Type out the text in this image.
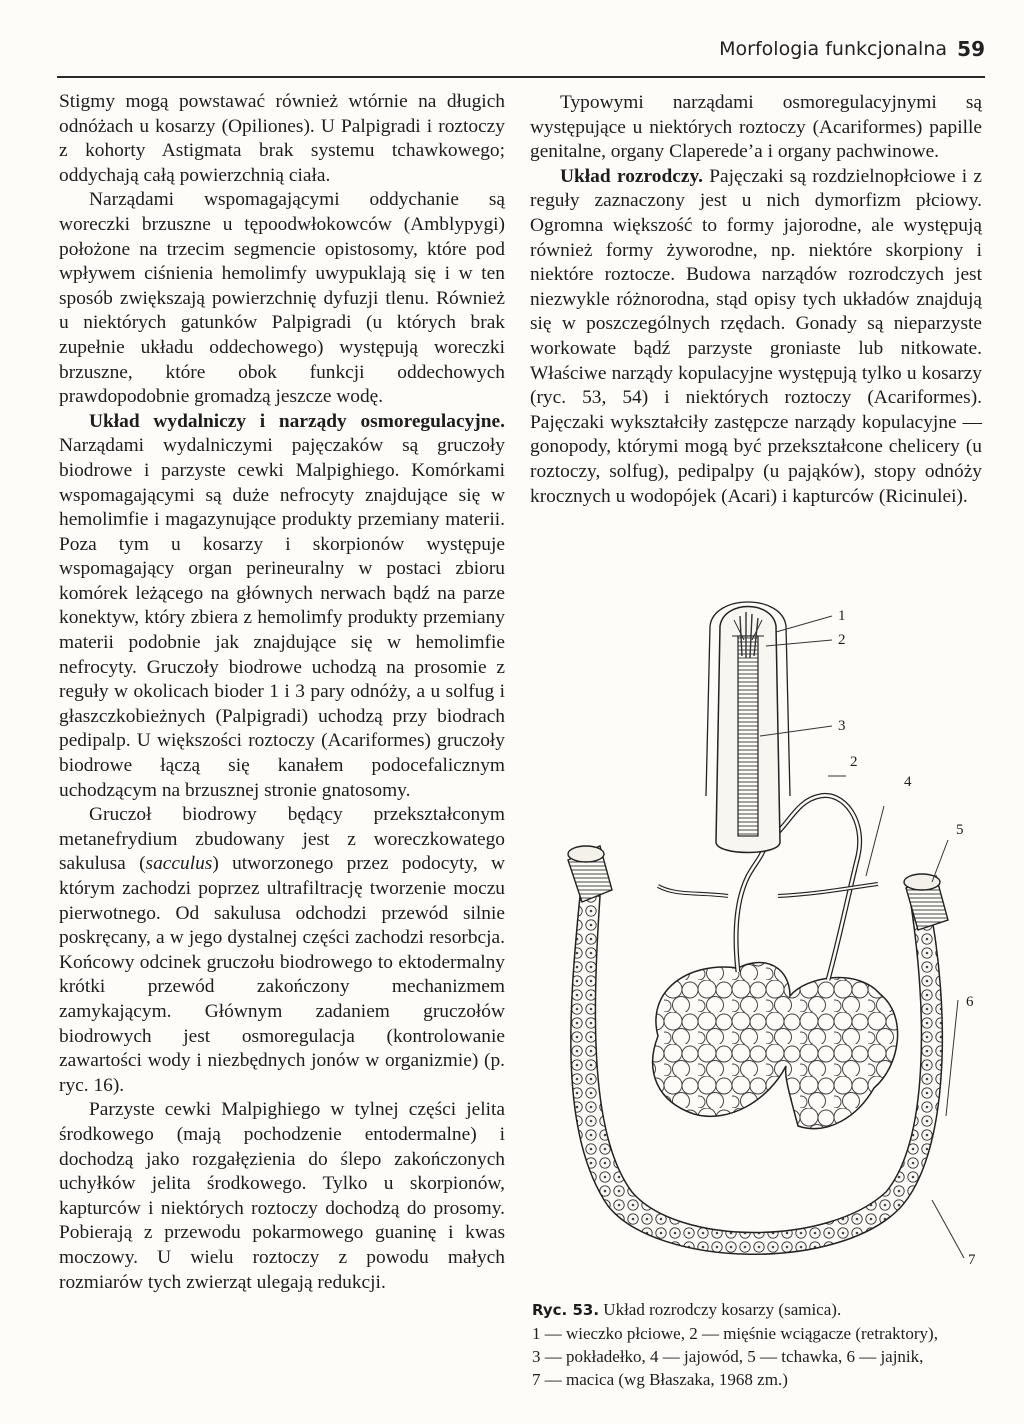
Morfologia funkcjonalna 59

Stigmy mogą powstawać również wtórnie na długich odnóżach u kosarzy (Opiliones). U Palpigradi i roztoczy z kohorty Astigmata brak systemu tchawkowego; oddychają całą powierzchnią ciała.

Narządami wspomagającymi oddychanie są woreczki brzuszne u tępoodwłokowców (Amblypygi) położone na trzecim segmencie opistosomy, które pod wpływem ciśnienia hemolimfy uwypuklają się i w ten sposób zwiększają powierzchnię dyfuzji tlenu. Również u niektórych gatunków Palpigradi (u których brak zupełnie układu oddechowego) występują woreczki brzuszne, które obok funkcji oddechowych prawdopodobnie gromadzą jeszcze wodę.

Układ wydalniczy i narządy osmoregulacyjne. Narządami wydalniczymi pajęczaków są gruczoły biodrowe i parzyste cewki Malpighiego. Komórkami wspomagającymi są duże nefrocyty znajdujące się w hemolimfie i magazynujące produkty przemiany materii. Poza tym u kosarzy i skorpionów występuje wspomagający organ perineuralny w postaci zbioru komórek leżącego na głównych nerwach bądź na parze konektyw, który zbiera z hemolimfy produkty przemiany materii podobnie jak znajdujące się w hemolimfie nefrocyty. Gruczoły biodrowe uchodzą na prosomie z reguły w okolicach bioder 1 i 3 pary odnóży, a u solfug i głaszczkobieżnych (Palpigradi) uchodzą przy biodrach pedipalp. U większości roztoczy (Acariformes) gruczoły biodrowe łączą się kanałem podocefalicznym uchodzącym na brzusznej stronie gnatosomy.

Gruczoł biodrowy będący przekształconym metanefrydium zbudowany jest z woreczkowatego sakulusa (sacculus) utworzonego przez podocyty, w którym zachodzi poprzez ultrafiltrację tworzenie moczu pierwotnego. Od sakulusa odchodzi przewód silnie poskręcany, a w jego dystalnej części zachodzi resorbcja. Końcowy odcinek gruczołu biodrowego to ektodermalny krótki przewód zakończony mechanizmem zamykającym. Głównym zadaniem gruczołów biodrowych jest osmoregulacja (kontrolowanie zawartości wody i niezbędnych jonów w organizmie) (p. ryc. 16).

Parzyste cewki Malpighiego w tylnej części jelita środkowego (mają pochodzenie entodermalne) i dochodzą jako rozgałęzienia do ślepo zakończonych uchyłków jelita środkowego. Tylko u skorpionów, kapturców i niektórych roztoczy dochodzą do prosomy. Pobierają z przewodu pokarmowego guaninę i kwas moczowy. U wielu roztoczy z powodu małych rozmiarów tych zwierząt ulegają redukcji.

Typowymi narządami osmoregulacyjnymi są występujące u niektórych roztoczy (Acariformes) papille genitalne, organy Claperede’a i organy pachwinowe.

Układ rozrodczy. Pajęczaki są rozdzielnopłciowe i z reguły zaznaczony jest u nich dymorfizm płciowy. Ogromna większość to formy jajorodne, ale występują również formy żyworodne, np. niektóre skorpiony i niektóre roztocze. Budowa narządów rozrodczych jest niezwykle różnorodna, stąd opisy tych układów znajdują się w poszczególnych rzędach. Gonady są nieparzyste workowate bądź parzyste groniaste lub nitkowate. Właściwe narządy kopulacyjne występują tylko u kosarzy (ryc. 53, 54) i niektórych roztoczy (Acariformes). Pajęczaki wykształciły zastępcze narządy kopulacyjne — gonopody, którymi mogą być przekształcone chelicery (u roztoczy, solfug), pedipalpy (u pająków), stopy odnóży krocznych u wodopójek (Acari) i kapturców (Ricinulei).

1
2
3
2
4
5
6
7
Ryc. 53. Układ rozrodczy kosarzy (samica).
1 — wieczko płciowe, 2 — mięśnie wciągacze (retraktory),
3 — pokładełko, 4 — jajowód, 5 — tchawka, 6 — jajnik,
7 — macica (wg Błaszaka, 1968 zm.)
